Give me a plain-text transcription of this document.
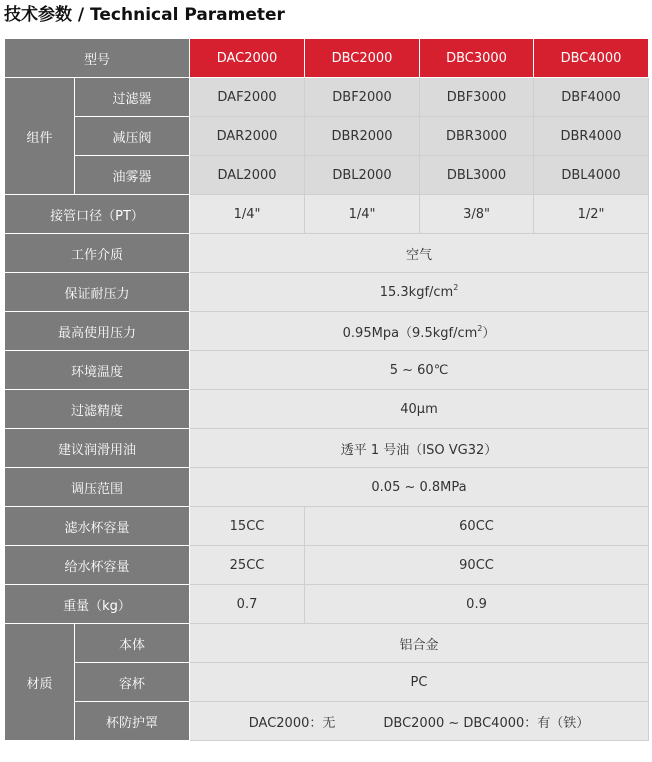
技术参数 / Technical Parameter
型号		DAC2000	DBC2000	DBC3000	DBC4000
组件	过滤器	DAF2000	DBF2000	DBF3000	DBF4000
	减压阀	DAR2000	DBR2000	DBR3000	DBR4000
	油雾器	DAL2000	DBL2000	DBL3000	DBL4000
接管口径（PT）		1/4"	1/4"	3/8"	1/2"
工作介质		空气			
保证耐压力		$15.3kgf/cm^2$
最高使用压力		$0.95Mpa(9.5kgf/cm^2)$			
环境温度		5 ~ 60℃			
过滤精度		40μm			
建议润滑用油		透平 1 号油（ISO VG32）			
调压范围		0.05 ~ 0.8MPa			
滤水杯容量		15CC	60CC		
给水杯容量		25CC	90CC		
重量（kg）		0.7	0.9		
材质	本体	铝合金			
	容杯	PC			
	杯防护罩	DAC2000：无 DBC2000 ~ DBC4000：有（铁）			
